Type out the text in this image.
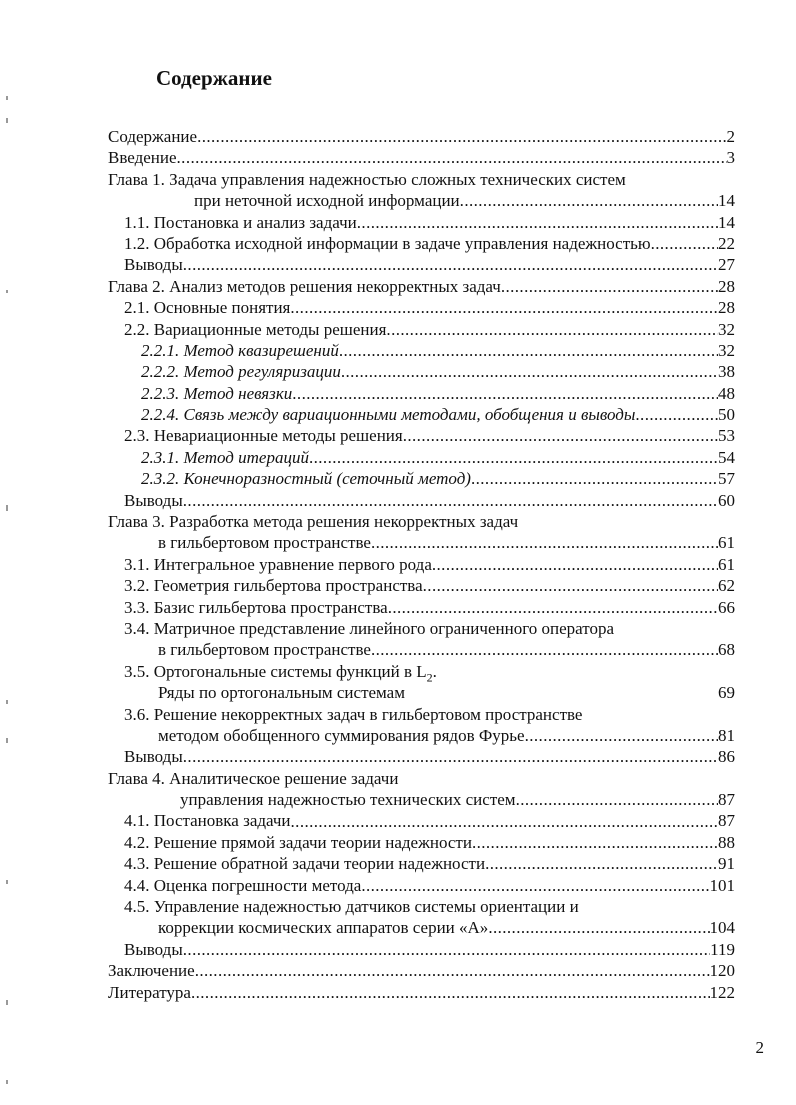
Содержание
Содержание .....	2
Введение .....	3
Глава 1. Задача управления надежностью сложных технических систем
при неточной исходной информации .....	14
1.1. Постановка и анализ задачи .....	14
1.2. Обработка исходной информации в задаче управления надежностью .....	22
Выводы .....	27
Глава 2. Анализ методов решения некорректных задач .....	28
2.1. Основные понятия .....	28
2.2. Вариационные методы решения .....	32
2.2.1. Метод квазирешений .....	32
2.2.2. Метод регуляризации .....	38
2.2.3. Метод невязки .....	48
2.2.4. Связь между вариационными методами, обобщения и выводы .....	50
2.3. Невариационные методы решения .....	53
2.3.1. Метод итераций .....	54
2.3.2. Конечноразностный (сеточный метод) .....	57
Выводы .....	60
Глава 3. Разработка метода решения некорректных задач
в гильбертовом пространстве .....	61
3.1. Интегральное уравнение первого рода .....	61
3.2. Геометрия гильбертова пространства .....	62
3.3. Базис гильбертова пространства .....	66
3.4. Матричное представление линейного ограниченного оператора
в гильбертовом пространстве .....	68
3.5. Ортогональные системы функций в $L_2$.
Ряды по ортогональным системам	69
3.6. Решение некорректных задач в гильбертовом пространстве
методом обобщенного суммирования рядов Фурье .....	81
Выводы .....	86
Глава 4. Аналитическое решение задачи
управления надежностью технических систем .....	87
4.1. Постановка задачи .....	87
4.2. Решение прямой задачи теории надежности .....	88
4.3. Решение обратной задачи теории надежности .....	91
4.4. Оценка погрешности метода .....	101
4.5. Управление надежностью датчиков системы ориентации и
коррекции космических аппаратов серии «А» .....	104
Выводы .....	119
Заключение .....	120
Литература .....	122
2
